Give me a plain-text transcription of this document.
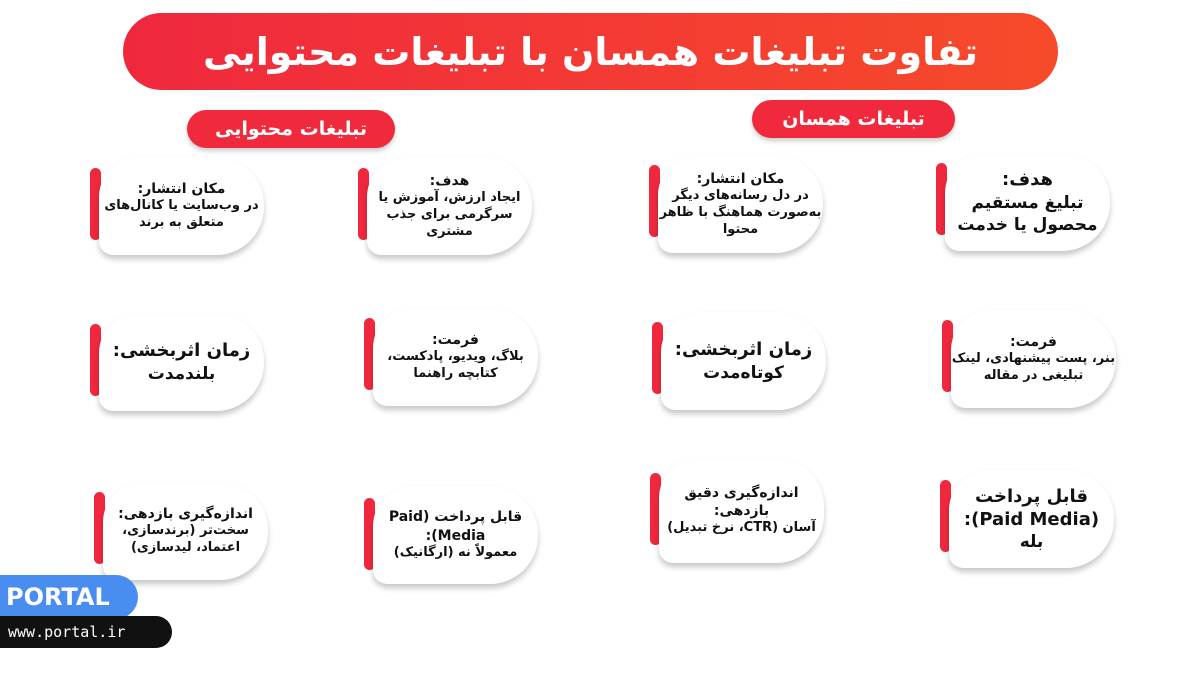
تفاوت تبلیغات همسان با تبلیغات محتوایی
تبلیغات همسان
تبلیغات محتوایی
هدف:
تبلیغ مستقیم محصول یا خدمت
مکان انتشار:
در دل رسانه‌های دیگر به‌صورت هماهنگ با ظاهر محتوا
فرمت:
بنر، پست پیشنهادی، لینک تبلیغی در مقاله
زمان اثربخشی:
کوتاه‌مدت
قابل پرداخت (Paid Media):
بله
اندازه‌گیری دقیق بازدهی:
آسان (CTR، نرخ تبدیل)
هدف:
ایجاد ارزش، آموزش یا سرگرمی برای جذب مشتری
مکان انتشار:
در وب‌سایت یا کانال‌های متعلق به برند
فرمت:
بلاگ، ویدیو، پادکست، کتابچه راهنما
زمان اثربخشی:
بلندمدت
قابل پرداخت (Paid Media):
معمولاً نه (ارگانیک)
اندازه‌گیری بازدهی:
سخت‌تر (برندسازی، اعتماد، لیدسازی)
PORTAL
www.portal.ir
